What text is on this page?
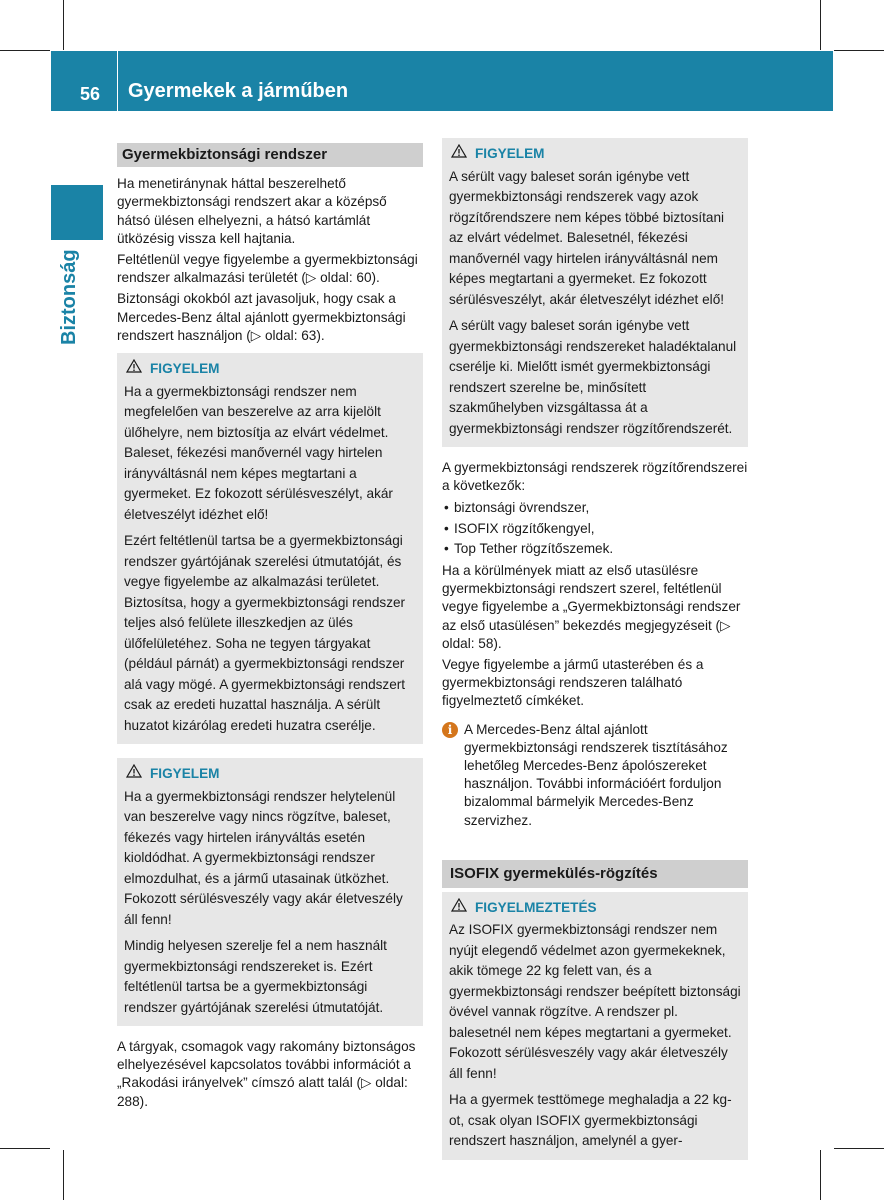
56 Gyermekek a járműben
Biztonság
Gyermekbiztonsági rendszer

Ha menetiránynak háttal beszerelhető gyermekbiztonsági rendszert akar a középső hátsó ülésen elhelyezni, a hátsó kartámlát ütközésig vissza kell hajtania.

Feltétlenül vegye figyelembe a gyermekbiztonsági rendszer alkalmazási területét (▷ oldal: 60).

Biztonsági okokból azt javasoljuk, hogy csak a Mercedes-Benz által ajánlott gyermekbiztonsági rendszert használjon (▷ oldal: 63).

FIGYELEM

Ha a gyermekbiztonsági rendszer nem megfelelően van beszerelve az arra kijelölt ülőhelyre, nem biztosítja az elvárt védelmet. Baleset, fékezési manővernél vagy hirtelen irányváltásnál nem képes megtartani a gyermeket. Ez fokozott sérülésveszélyt, akár életveszélyt idézhet elő!

Ezért feltétlenül tartsa be a gyermekbiztonsági rendszer gyártójának szerelési útmutatóját, és vegye figyelembe az alkalmazási területet. Biztosítsa, hogy a gyermekbiztonsági rendszer teljes alsó felülete illeszkedjen az ülés ülőfelületéhez. Soha ne tegyen tárgyakat (például párnát) a gyermekbiztonsági rendszer alá vagy mögé. A gyermekbiztonsági rendszert csak az eredeti huzattal használja. A sérült huzatot kizárólag eredeti huzatra cserélje.

FIGYELEM

Ha a gyermekbiztonsági rendszer helytelenül van beszerelve vagy nincs rögzítve, baleset, fékezés vagy hirtelen irányváltás esetén kioldódhat. A gyermekbiztonsági rendszer elmozdulhat, és a jármű utasainak ütközhet. Fokozott sérülésveszély vagy akár életveszély áll fenn!

Mindig helyesen szerelje fel a nem használt gyermekbiztonsági rendszereket is. Ezért feltétlenül tartsa be a gyermekbiztonsági rendszer gyártójának szerelési útmutatóját.

A tárgyak, csomagok vagy rakomány biztonságos elhelyezésével kapcsolatos további információt a „Rakodási irányelvek” címszó alatt talál (▷ oldal: 288).

FIGYELEM

A sérült vagy baleset során igénybe vett gyermekbiztonsági rendszerek vagy azok rögzítőrendszere nem képes többé biztosítani az elvárt védelmet. Balesetnél, fékezési manővernél vagy hirtelen irányváltásnál nem képes megtartani a gyermeket. Ez fokozott sérülésveszélyt, akár életveszélyt idézhet elő!

A sérült vagy baleset során igénybe vett gyermekbiztonsági rendszereket haladéktalanul cserélje ki. Mielőtt ismét gyermekbiztonsági rendszert szerelne be, minősített szakműhelyben vizsgáltassa át a gyermekbiztonsági rendszer rögzítőrendszerét.

A gyermekbiztonsági rendszerek rögzítőrendszerei a következők:

• biztonsági övrendszer,
• ISOFIX rögzítőkengyel,
• Top Tether rögzítőszemek.

Ha a körülmények miatt az első utasülésre gyermekbiztonsági rendszert szerel, feltétlenül vegye figyelembe a „Gyermekbiztonsági rendszer az első utasülésen” bekezdés megjegyzéseit (▷ oldal: 58).

Vegye figyelembe a jármű utasterében és a gyermekbiztonsági rendszeren található figyelmeztető címkéket.

i A Mercedes-Benz által ajánlott gyermekbiztonsági rendszerek tisztításához lehetőleg Mercedes-Benz ápolószereket használjon. További információért forduljon bizalommal bármelyik Mercedes-Benz szervizhez.
ISOFIX gyermekülés-rögzítés
FIGYELMEZTETÉS

Az ISOFIX gyermekbiztonsági rendszer nem nyújt elegendő védelmet azon gyermekeknek, akik tömege 22 kg felett van, és a gyermekbiztonsági rendszer beépített biztonsági övével vannak rögzítve. A rendszer pl. balesetnél nem képes megtartani a gyermeket. Fokozott sérülésveszély vagy akár életveszély áll fenn!

Ha a gyermek testtömege meghaladja a 22 kg-ot, csak olyan ISOFIX gyermekbiztonsági rendszert használjon, amelynél a gyer-
